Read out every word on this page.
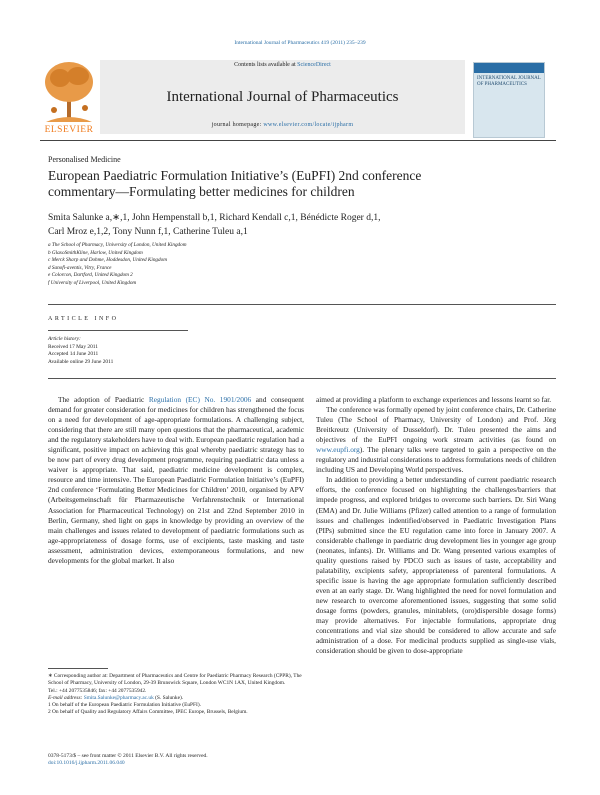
International Journal of Pharmaceutics 419 (2011) 235–239
ELSEVIER
Contents lists available at ScienceDirect
International Journal of Pharmaceutics
journal homepage: www.elsevier.com/locate/ijpharm
INTERNATIONAL JOURNAL OF PHARMACEUTICS
Personalised Medicine
European Paediatric Formulation Initiative’s (EuPFI) 2nd conference
commentary—Formulating better medicines for children
Smita Salunke a,∗,1, John Hempenstall b,1, Richard Kendall c,1, Bénédicte Roger d,1,
Carl Mroz e,1,2, Tony Nunn f,1, Catherine Tuleu a,1
a The School of Pharmacy, University of London, United Kingdom
b GlaxoSmithKline, Harlow, United Kingdom
c Merck Sharp and Dohme, Hoddesdon, United Kingdom
d Sanofi-aventis, Vitry, France
e Colorcon, Dartford, United Kingdom 2
f University of Liverpool, United Kingdom
ARTICLE INFO
Article history:
Received 17 May 2011
Accepted 14 June 2011
Available online 29 June 2011

The adoption of Paediatric Regulation (EC) No. 1901/2006 and consequent demand for greater consideration for medicines for children has strengthened the focus on a need for development of age-appropriate formulations. A challenging subject, considering that there are still many open questions that the pharmaceutical, academic and the regulatory stakeholders have to deal with. European paediatric regulation had a significant, positive impact on achieving this goal whereby paediatric strategy has to be now part of every drug development programme, requiring paediatric data unless a waiver is appropriate. That said, paediatric medicine development is complex, resource and time intensive. The European Paediatric Formulation Initiative’s (EuPFI) 2nd conference ‘Formulating Better Medicines for Children’ 2010, organised by APV (Arbeitsgemeinschaft für Pharmazeutische Verfahrenstechnik or International Association for Pharmaceutical Technology) on 21st and 22nd September 2010 in Berlin, Germany, shed light on gaps in knowledge by providing an overview of the main challenges and issues related to development of paediatric formulations such as age-appropriateness of dosage forms, use of excipients, taste masking and taste assessment, administration devices, extemporaneous formulations, and new developments for the global market. It also

aimed at providing a platform to exchange experiences and lessons learnt so far.

The conference was formally opened by joint conference chairs, Dr. Catherine Tuleu (The School of Pharmacy, University of London) and Prof. Jörg Breitkreutz (University of Dusseldorf). Dr. Tuleu presented the aims and objectives of the EuPFI ongoing work stream activities (as found on www.eupfi.org). The plenary talks were targeted to gain a perspective on the regulatory and industrial considerations to address formulations needs of children including US and Developing World perspectives.

In addition to providing a better understanding of current paediatric research efforts, the conference focused on highlighting the challenges/barriers that impede progress, and explored bridges to overcome such barriers. Dr. Siri Wang (EMA) and Dr. Julie Williams (Pfizer) called attention to a range of formulation issues and challenges indentified/observed in Paediatric Investigation Plans (PIPs) submitted since the EU regulation came into force in January 2007. A considerable challenge in paediatric drug development lies in younger age group (neonates, infants). Dr. Williams and Dr. Wang presented various examples of quality questions raised by PDCO such as issues of taste, acceptability and palatability, excipients safety, appropriateness of parenteral formulations. A specific issue is having the age appropriate formulation sufficiently described even at an early stage. Dr. Wang highlighted the need for novel formulation and new research to overcome aforementioned issues, suggesting that some solid dosage forms (powders, granules, minitablets, (oro)dispersible dosage forms) may provide alternatives. For injectable formulations, appropriate drug concentrations and vial size should be considered to allow accurate and safe administration of a dose. For medicinal products supplied as single-use vials, consideration should be given to dose-appropriate

∗ Corresponding author at: Department of Pharmaceutics and Centre for Paediatric Pharmacy Research (CPPR), The School of Pharmacy, University of London, 29-39 Brunswick Square, London WC1N 1AX, United Kingdom.
Tel.: +44 2077535846; fax: +44 2077535942.
E-mail address: Smita.Salunke@pharmacy.ac.uk (S. Salunke).
1 On behalf of the European Paediatric Formulation Initiative (EuPFI).
2 On behalf of Quality and Regulatory Affairs Committee, IPEC Europe, Brussels, Belgium.
0378-5173/$ – see front matter © 2011 Elsevier B.V. All rights reserved.
doi:10.1016/j.ijpharm.2011.06.040
